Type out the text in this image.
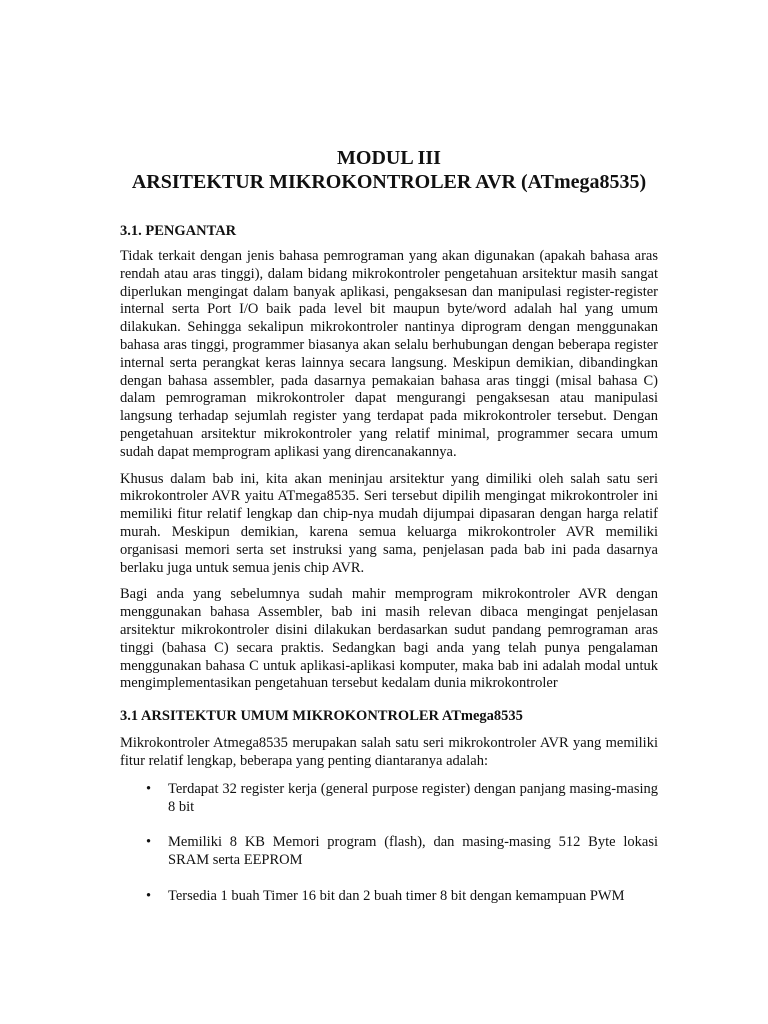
MODUL III
ARSITEKTUR MIKROKONTROLER AVR (ATmega8535)
3.1. PENGANTAR

Tidak terkait dengan jenis bahasa pemrograman yang akan digunakan (apakah bahasa aras rendah atau aras tinggi), dalam bidang mikrokontroler pengetahuan arsitektur masih sangat diperlukan mengingat dalam banyak aplikasi, pengaksesan dan manipulasi register-register internal serta Port I/O baik pada level bit maupun byte/word adalah hal yang umum dilakukan. Sehingga sekalipun mikrokontroler nantinya diprogram dengan menggunakan bahasa aras tinggi, programmer biasanya akan selalu berhubungan dengan beberapa register internal serta perangkat keras lainnya secara langsung. Meskipun demikian, dibandingkan dengan bahasa assembler, pada dasarnya pemakaian bahasa aras tinggi (misal bahasa C) dalam pemrograman mikrokontroler dapat mengurangi pengaksesan atau manipulasi langsung terhadap sejumlah register yang terdapat pada mikrokontroler tersebut. Dengan pengetahuan arsitektur mikrokontroler yang relatif minimal, programmer secara umum sudah dapat memprogram aplikasi yang direncanakannya.

Khusus dalam bab ini, kita akan meninjau arsitektur yang dimiliki oleh salah satu seri mikrokontroler AVR yaitu ATmega8535. Seri tersebut dipilih mengingat mikrokontroler ini memiliki fitur relatif lengkap dan chip-nya mudah dijumpai dipasaran dengan harga relatif murah. Meskipun demikian, karena semua keluarga mikrokontroler AVR memiliki organisasi memori serta set instruksi yang sama, penjelasan pada bab ini pada dasarnya berlaku juga untuk semua jenis chip AVR.

Bagi anda yang sebelumnya sudah mahir memprogram mikrokontroler AVR dengan menggunakan bahasa Assembler, bab ini masih relevan dibaca mengingat penjelasan arsitektur mikrokontroler disini dilakukan berdasarkan sudut pandang pemrograman aras tinggi (bahasa C) secara praktis. Sedangkan bagi anda yang telah punya pengalaman menggunakan bahasa C untuk aplikasi-aplikasi komputer, maka bab ini adalah modal untuk mengimplementasikan pengetahuan tersebut kedalam dunia mikrokontroler

3.1 ARSITEKTUR UMUM MIKROKONTROLER ATmega8535

Mikrokontroler Atmega8535 merupakan salah satu seri mikrokontroler AVR yang memiliki fitur relatif lengkap, beberapa yang penting diantaranya adalah:

• Terdapat 32 register kerja (general purpose register) dengan panjang masing-masing 8 bit
• Memiliki 8 KB Memori program (flash), dan masing-masing 512 Byte lokasi SRAM serta EEPROM
• Tersedia 1 buah Timer 16 bit dan 2 buah timer 8 bit dengan kemampuan PWM
